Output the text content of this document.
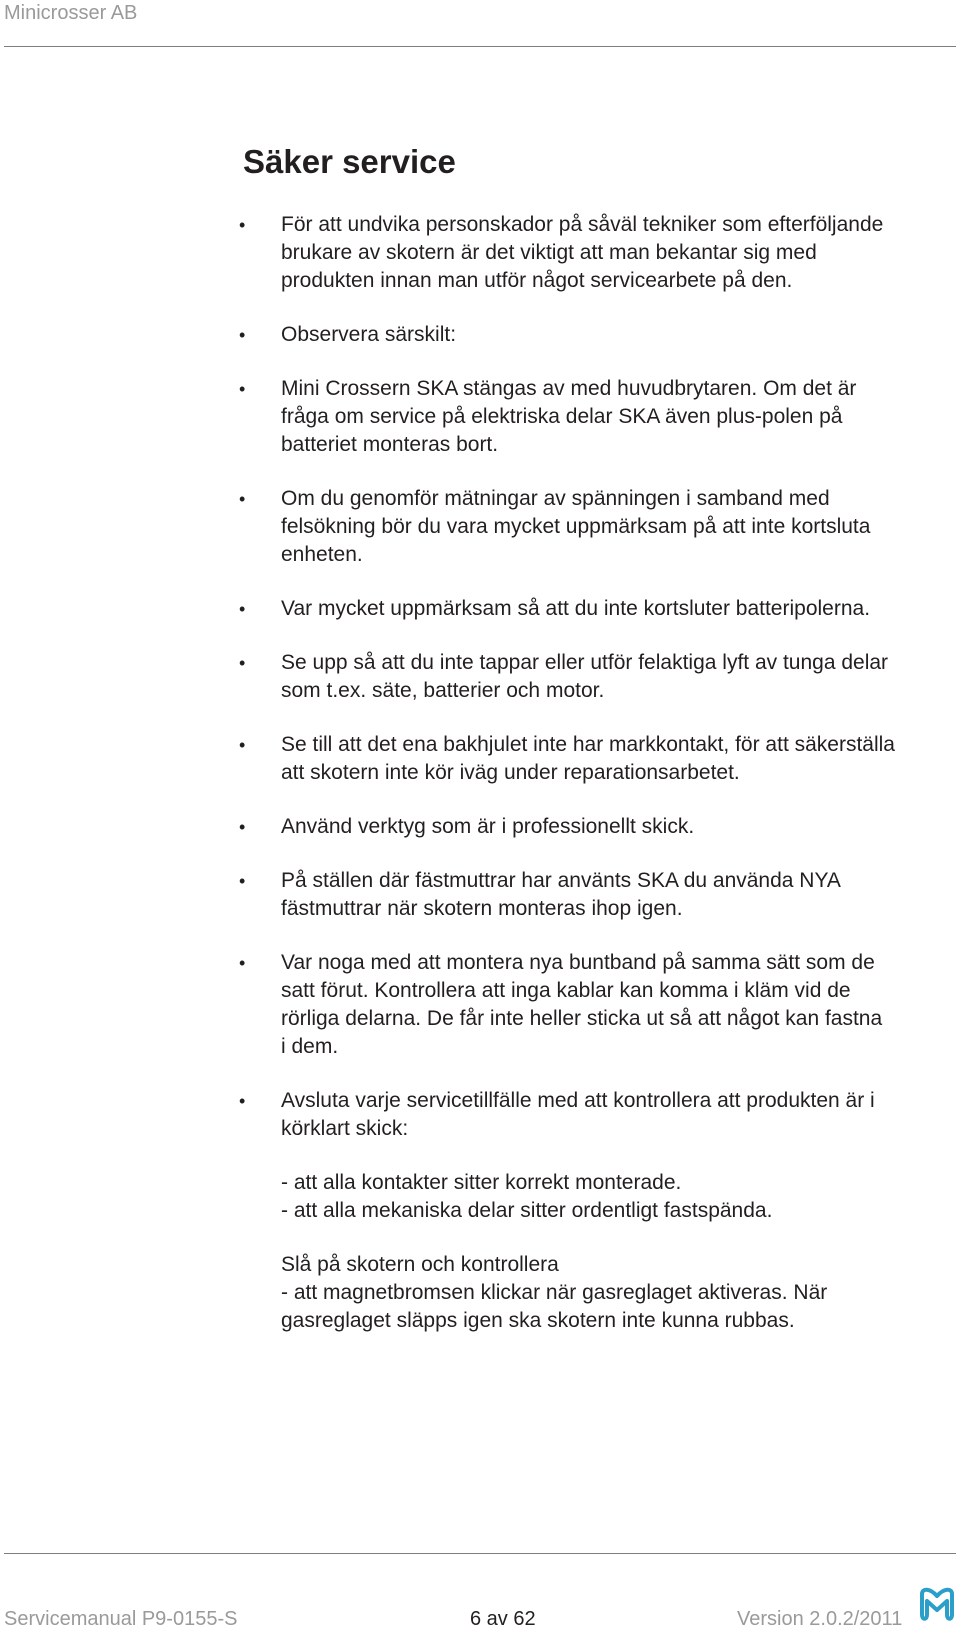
Minicrosser AB
Säker service
• För att undvika personskador på såväl tekniker som efterföljande
brukare av skotern är det viktigt att man bekantar sig med
produkten innan man utför något servicearbete på den.
• Observera särskilt:
• Mini Crossern SKA stängas av med huvudbrytaren. Om det är
fråga om service på elektriska delar SKA även plus-polen på
batteriet monteras bort.
• Om du genomför mätningar av spänningen i samband med
felsökning bör du vara mycket uppmärksam på att inte kortsluta
enheten.
• Var mycket uppmärksam så att du inte kortsluter batteripolerna.
• Se upp så att du inte tappar eller utför felaktiga lyft av tunga delar
som t.ex. säte, batterier och motor.
• Se till att det ena bakhjulet inte har markkontakt, för att säkerställa
att skotern inte kör iväg under reparationsarbetet.
• Använd verktyg som är i professionellt skick.
• På ställen där fästmuttrar har använts SKA du använda NYA
fästmuttrar när skotern monteras ihop igen.
• Var noga med att montera nya buntband på samma sätt som de
satt förut. Kontrollera att inga kablar kan komma i kläm vid de
rörliga delarna. De får inte heller sticka ut så att något kan fastna
i dem.
• Avsluta varje servicetillfälle med att kontrollera att produkten är i
körklart skick:
- att alla kontakter sitter korrekt monterade.
- att alla mekaniska delar sitter ordentligt fastspända.
Slå på skotern och kontrollera
- att magnetbromsen klickar när gasreglaget aktiveras. När
gasreglaget släpps igen ska skotern inte kunna rubbas.
Servicemanual P9-0155-S	6 av 62	Version 2.0.2/2011
